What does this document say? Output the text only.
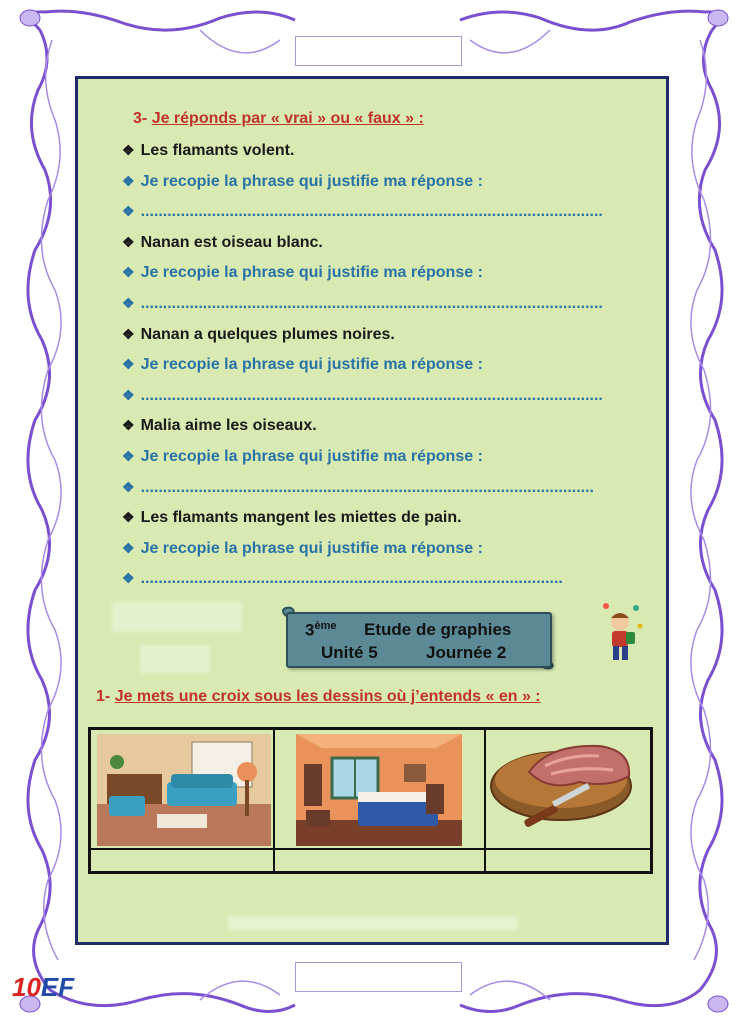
3- Je réponds par « vrai » ou « faux » :
❖ Les flamants volent.
❖ Je recopie la phrase qui justifie ma réponse :
❖ ........................................................................................................
❖ Nanan est oiseau blanc.
❖ Je recopie la phrase qui justifie ma réponse :
❖ ........................................................................................................
❖ Nanan a quelques plumes noires.
❖ Je recopie la phrase qui justifie ma réponse :
❖ ........................................................................................................
❖ Malia aime les oiseaux.
❖ Je recopie la phrase qui justifie ma réponse :
❖ ......................................................................................................
❖ Les flamants mangent les miettes de pain.
❖ Je recopie la phrase qui justifie ma réponse :
❖ ...............................................................................................
3ème Etude de graphies
Unité 5	Journée 2
1- Je mets une croix sous les dessins où j’entends « en » :
10EF
